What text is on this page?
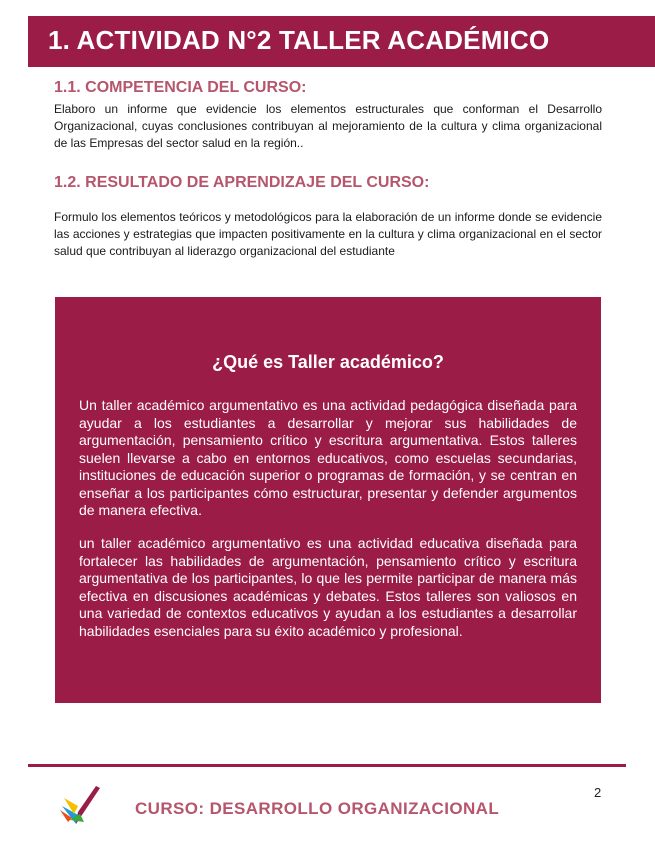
1. ACTIVIDAD N°2 TALLER ACADÉMICO
1.1. COMPETENCIA DEL CURSO:
Elaboro un informe que evidencie los elementos estructurales que conforman el Desarrollo Organizacional, cuyas conclusiones contribuyan al mejoramiento de la cultura y clima organizacional de las Empresas del sector salud en la región..
1.2. RESULTADO DE APRENDIZAJE DEL CURSO:
Formulo los elementos teóricos y metodológicos para la elaboración de un informe donde se evidencie las acciones y estrategias que impacten positivamente en la cultura y clima organizacional en el sector salud que contribuyan al liderazgo organizacional del estudiante
¿Qué es Taller académico?
Un taller académico argumentativo es una actividad pedagógica diseñada para ayudar a los estudiantes a desarrollar y mejorar sus habilidades de argumentación, pensamiento crítico y escritura argumentativa. Estos talleres suelen llevarse a cabo en entornos educativos, como escuelas secundarias, instituciones de educación superior o programas de formación, y se centran en enseñar a los participantes cómo estructurar, presentar y defender argumentos de manera efectiva.
un taller académico argumentativo es una actividad educativa diseñada para fortalecer las habilidades de argumentación, pensamiento crítico y escritura argumentativa de los participantes, lo que les permite participar de manera más efectiva en discusiones académicas y debates. Estos talleres son valiosos en una variedad de contextos educativos y ayudan a los estudiantes a desarrollar habilidades esenciales para su éxito académico y profesional.
2
CURSO: DESARROLLO ORGANIZACIONAL
